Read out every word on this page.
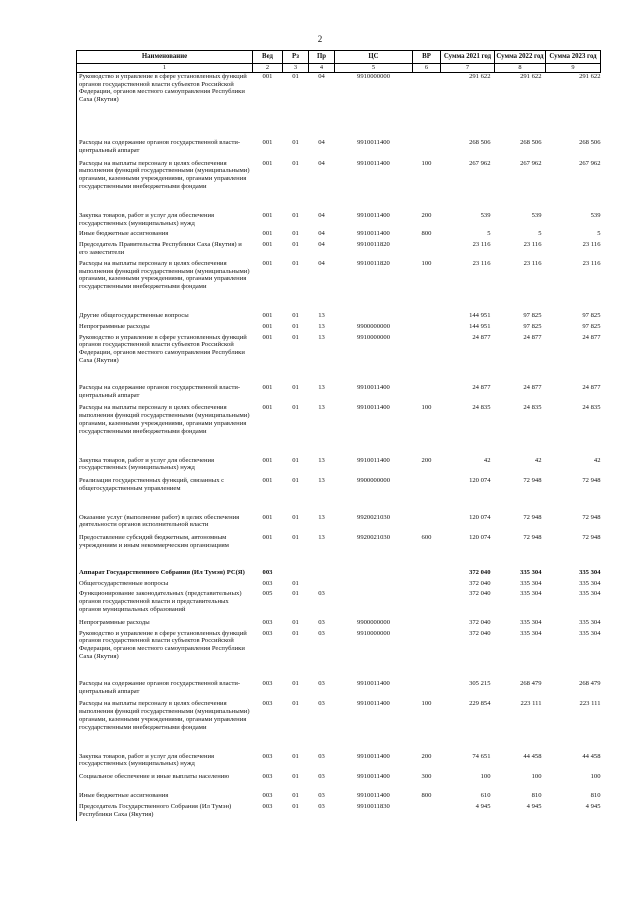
2
Наименование	Вед	Рз	Пр	ЦС	ВР	Сумма 2021 год	Сумма 2022 год	Сумма 2023 год
1	2	3	4	5	6	7	8	9
Руководство и управление в сфере установленных функций органов государственной власти субъектов Российской Федерации, органов местного самоуправления Республики Саха (Якутия)	001	01	04	9910000000		291 622	291 622	291 622
Расходы на содержание органов государственной власти- центральный аппарат	001	01	04	9910011400		268 506	268 506	268 506
Расходы на выплаты персоналу в целях обеспечения выполнения функций государственными (муниципальными) органами, казенными учреждениями, органами управления государственными внебюджетными фондами	001	01	04	9910011400	100	267 962	267 962	267 962
Закупка товаров, работ и услуг для обеспечения государственных (муниципальных) нужд	001	01	04	9910011400	200	539	539	539
Иные бюджетные ассигнования	001	01	04	9910011400	800	5	5	5
Председатель Правительства Республики Саха (Якутия) и его заместители	001	01	04	9910011820		23 116	23 116	23 116
Расходы на выплаты персоналу в целях обеспечения выполнения функций государственными (муниципальными) органами, казенными учреждениями, органами управления государственными внебюджетными фондами	001	01	04	9910011820	100	23 116	23 116	23 116
Другие общегосударственные вопросы	001	01	13			144 951	97 825	97 825
Непрограммные расходы	001	01	13	9900000000		144 951	97 825	97 825
Руководство и управление в сфере установленных функций органов государственной власти субъектов Российской Федерации, органов местного самоуправления Республики Саха (Якутия)	001	01	13	9910000000		24 877	24 877	24 877
Расходы на содержание органов государственной власти- центральный аппарат	001	01	13	9910011400		24 877	24 877	24 877
Расходы на выплаты персоналу в целях обеспечения выполнения функций государственными (муниципальными) органами, казенными учреждениями, органами управления государственными внебюджетными фондами	001	01	13	9910011400	100	24 835	24 835	24 835
Закупка товаров, работ и услуг для обеспечения государственных (муниципальных) нужд	001	01	13	9910011400	200	42	42	42
Реализация государственных функций, связанных с общегосударственным управлением	001	01	13	9900000000		120 074	72 948	72 948
Оказание услуг (выполнение работ) в целях обеспечения деятельности органов исполнительной власти	001	01	13	9920021030		120 074	72 948	72 948
Предоставление субсидий бюджетным, автономным учреждениям и иным некоммерческим организациям	001	01	13	9920021030	600	120 074	72 948	72 948
Аппарат Государственного Собрания (Ил Тумэн) РС(Я)	003					372 040	335 304	335 304
Общегосударственные вопросы	003	01				372 040	335 304	335 304
Функционирование законодательных (представительных) органов государственной власти и представительных органов муниципальных образований	005	01	03			372 040	335 304	335 304
Непрограммные расходы	003	01	03	9900000000		372 040	335 304	335 304
Руководство и управление в сфере установленных функций органов государственной власти субъектов Российской Федерации, органов местного самоуправления Республики Саха (Якутия)	003	01	03	9910000000		372 040	335 304	335 304
Расходы на содержание органов государственной власти- центральный аппарат	003	01	03	9910011400		305 215	268 479	268 479
Расходы на выплаты персоналу в целях обеспечения выполнения функций государственными (муниципальными) органами, казенными учреждениями, органами управления государственными внебюджетными фондами	003	01	03	9910011400	100	229 854	223 111	223 111
Закупка товаров, работ и услуг для обеспечения государственных (муниципальных) нужд	003	01	03	9910011400	200	74 651	44 458	44 458
Социальное обеспечение и иные выплаты населению	003	01	03	9910011400	300	100	100	100
Иные бюджетные ассигнования	003	01	03	9910011400	800	610	810	810
Председатель Государственного Собрания (Ил Тумэн) Республики Саха (Якутия)	003	01	03	9910011830		4 945	4 945	4 945
